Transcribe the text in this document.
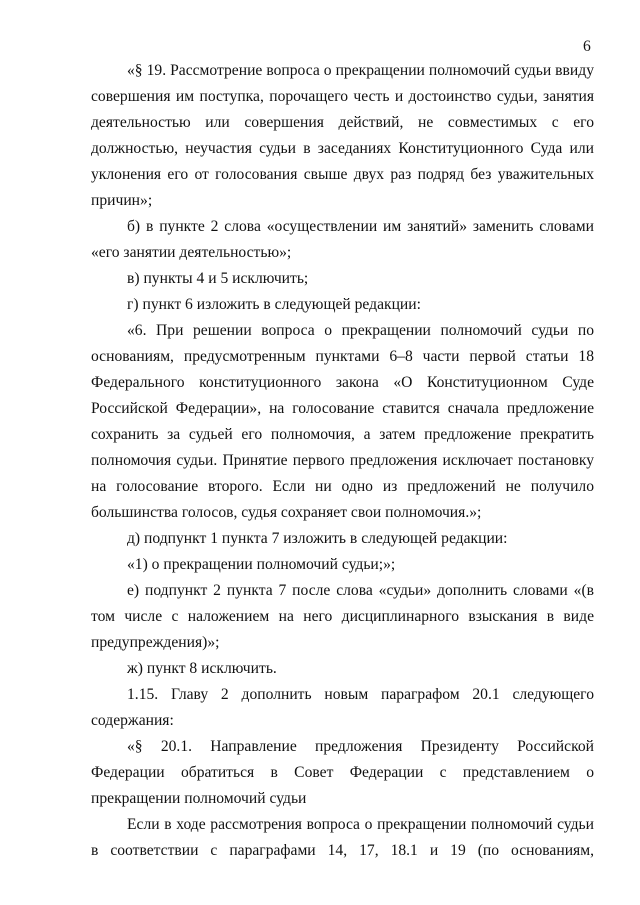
6

«§ 19. Рассмотрение вопроса о прекращении полномочий судьи ввиду совершения им поступка, порочащего честь и достоинство судьи, занятия деятельностью или совершения действий, не совместимых с его должностью, неучастия судьи в заседаниях Конституционного Суда или уклонения его от голосования свыше двух раз подряд без уважительных причин»;

б) в пункте 2 слова «осуществлении им занятий» заменить словами «его занятии деятельностью»;

в) пункты 4 и 5 исключить;

г) пункт 6 изложить в следующей редакции:

«6. При решении вопроса о прекращении полномочий судьи по основаниям, предусмотренным пунктами 6–8 части первой статьи 18 Федерального конституционного закона «О Конституционном Суде Российской Федерации», на голосование ставится сначала предложение сохранить за судьей его полномочия, а затем предложение прекратить полномочия судьи. Принятие первого предложения исключает постановку на голосование второго. Если ни одно из предложений не получило большинства голосов, судья сохраняет свои полномочия.»;

д) подпункт 1 пункта 7 изложить в следующей редакции:

«1) о прекращении полномочий судьи;»;

е) подпункт 2 пункта 7 после слова «судьи» дополнить словами «(в том числе с наложением на него дисциплинарного взыскания в виде предупреждения)»;

ж) пункт 8 исключить.

1.15. Главу 2 дополнить новым параграфом 20.1 следующего содержания:

«§ 20.1. Направление предложения Президенту Российской Федерации обратиться в Совет Федерации с представлением о прекращении полномочий судьи

Если в ходе рассмотрения вопроса о прекращении полномочий судьи в соответствии с параграфами 14, 17, 18.1 и 19 (по основаниям,
